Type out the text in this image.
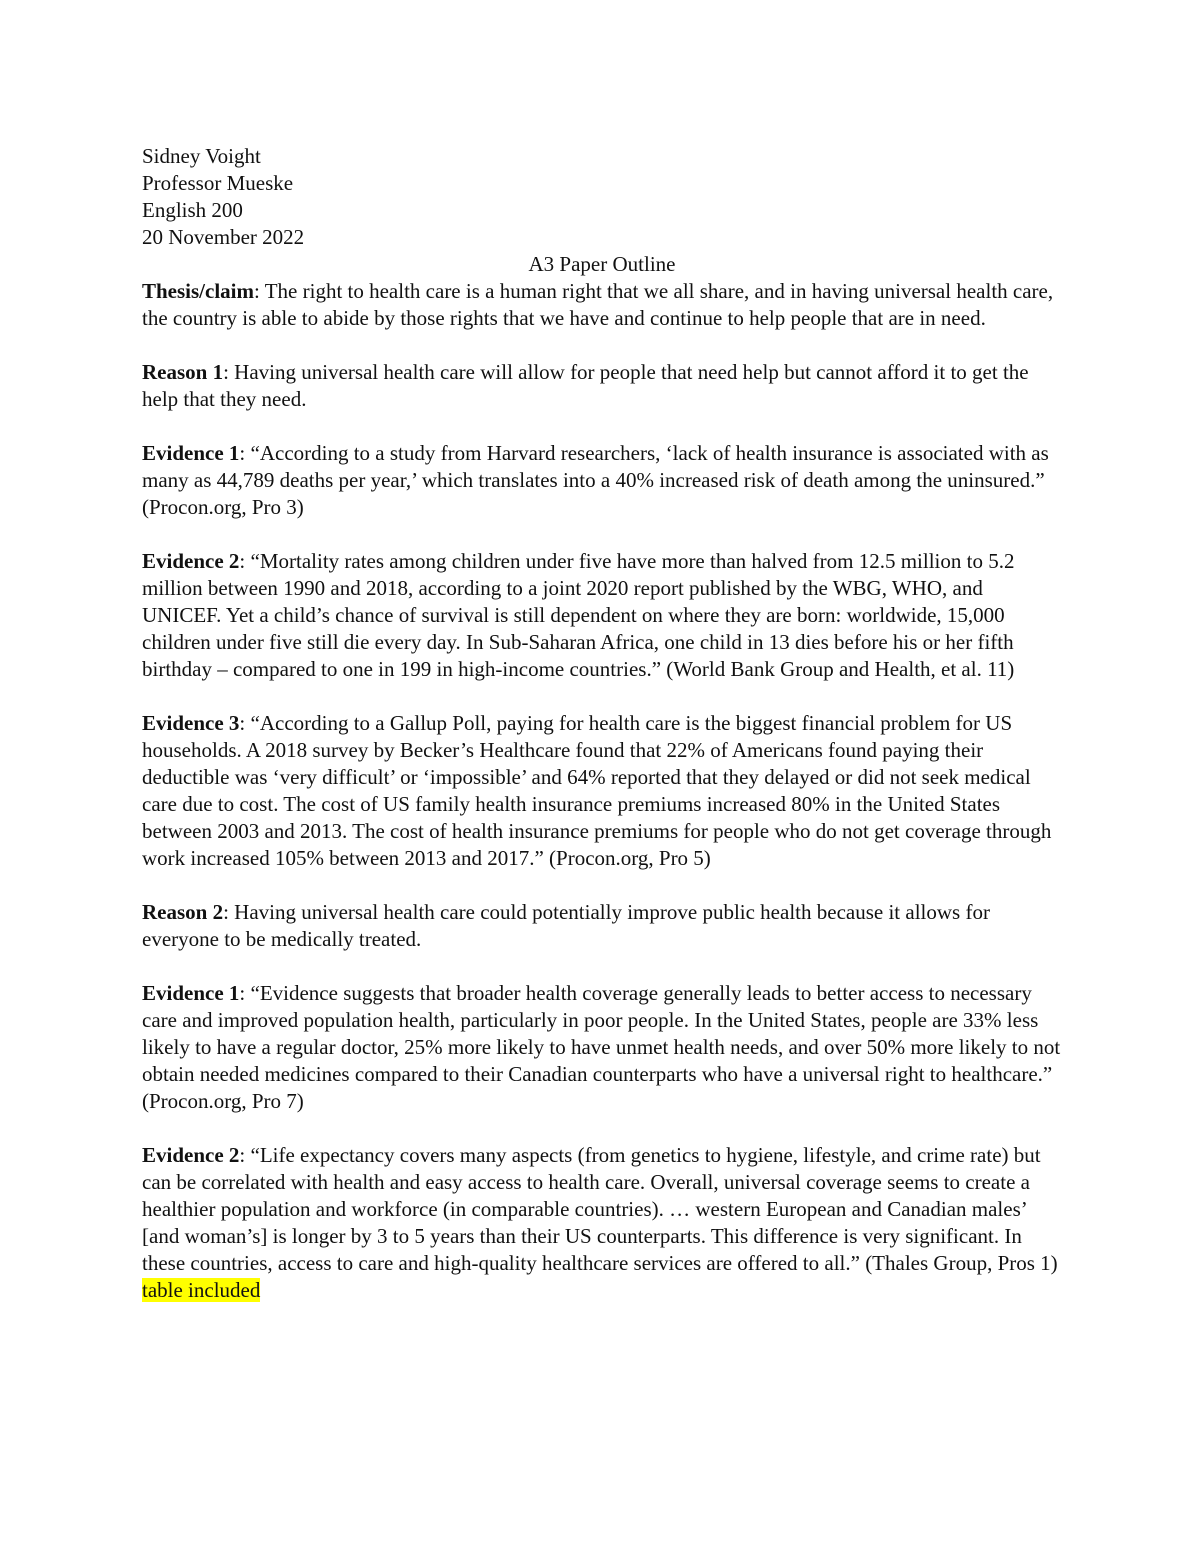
Sidney Voight
Professor Mueske
English 200
20 November 2022

A3 Paper Outline

Thesis/claim: The right to health care is a human right that we all share, and in having universal health care, the country is able to abide by those rights that we have and continue to help people that are in need.

Reason 1: Having universal health care will allow for people that need help but cannot afford it to get the help that they need.

Evidence 1: “According to a study from Harvard researchers, ‘lack of health insurance is associated with as many as 44,789 deaths per year,’ which translates into a 40% increased risk of death among the uninsured.” (Procon.org, Pro 3)

Evidence 2: “Mortality rates among children under five have more than halved from 12.5 million to 5.2 million between 1990 and 2018, according to a joint 2020 report published by the WBG, WHO, and UNICEF. Yet a child’s chance of survival is still dependent on where they are born: worldwide, 15,000 children under five still die every day. In Sub-Saharan Africa, one child in 13 dies before his or her fifth birthday – compared to one in 199 in high-income countries.” (World Bank Group and Health, et al. 11)

Evidence 3: “According to a Gallup Poll, paying for health care is the biggest financial problem for US households. A 2018 survey by Becker’s Healthcare found that 22% of Americans found paying their deductible was ‘very difficult’ or ‘impossible’ and 64% reported that they delayed or did not seek medical care due to cost. The cost of US family health insurance premiums increased 80% in the United States between 2003 and 2013. The cost of health insurance premiums for people who do not get coverage through work increased 105% between 2013 and 2017.” (Procon.org, Pro 5)

Reason 2: Having universal health care could potentially improve public health because it allows for everyone to be medically treated.

Evidence 1: “Evidence suggests that broader health coverage generally leads to better access to necessary care and improved population health, particularly in poor people. In the United States, people are 33% less likely to have a regular doctor, 25% more likely to have unmet health needs, and over 50% more likely to not obtain needed medicines compared to their Canadian counterparts who have a universal right to healthcare.” (Procon.org, Pro 7)

Evidence 2: “Life expectancy covers many aspects (from genetics to hygiene, lifestyle, and crime rate) but can be correlated with health and easy access to health care. Overall, universal coverage seems to create a healthier population and workforce (in comparable countries). … western European and Canadian males’ [and woman’s] is longer by 3 to 5 years than their US counterparts. This difference is very significant. In these countries, access to care and high-quality healthcare services are offered to all.” (Thales Group, Pros 1) table included
